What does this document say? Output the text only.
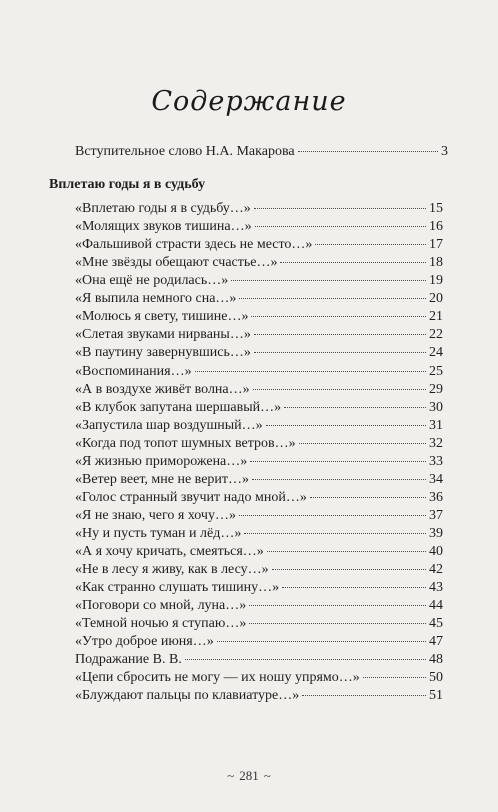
Содержание
Вступительное слово Н.А. Макарова	3
Вплетаю годы я в судьбу
«Вплетаю годы я в судьбу…»	15
«Молящих звуков тишина…»	16
«Фальшивой страсти здесь не место…»	17
«Мне звёзды обещают счастье…»	18
«Она ещё не родилась…»	19
«Я выпила немного сна…»	20
«Молюсь я свету, тишине…»	21
«Слетая звуками нирваны…»	22
«В паутину завернувшись…»	24
«Воспоминания…»	25
«А в воздухе живёт волна…»	29
«В клубок запутана шершавый…»	30
«Запустила шар воздушный…»	31
«Когда под топот шумных ветров…»	32
«Я жизнью приморожена…»	33
«Ветер веет, мне не верит…»	34
«Голос странный звучит надо мной…»	36
«Я не знаю, чего я хочу…»	37
«Ну и пусть туман и лёд…»	39
«А я хочу кричать, смеяться…»	40
«Не в лесу я живу, как в лесу…»	42
«Как странно слушать тишину…»	43
«Поговори со мной, луна…»	44
«Темной ночью я ступаю…»	45
«Утро доброе июня…»	47
Подражание В. В.	48
«Цепи сбросить не могу — их ношу упрямо…»	50
«Блуждают пальцы по клавиатуре…»	51
~ 281 ~
